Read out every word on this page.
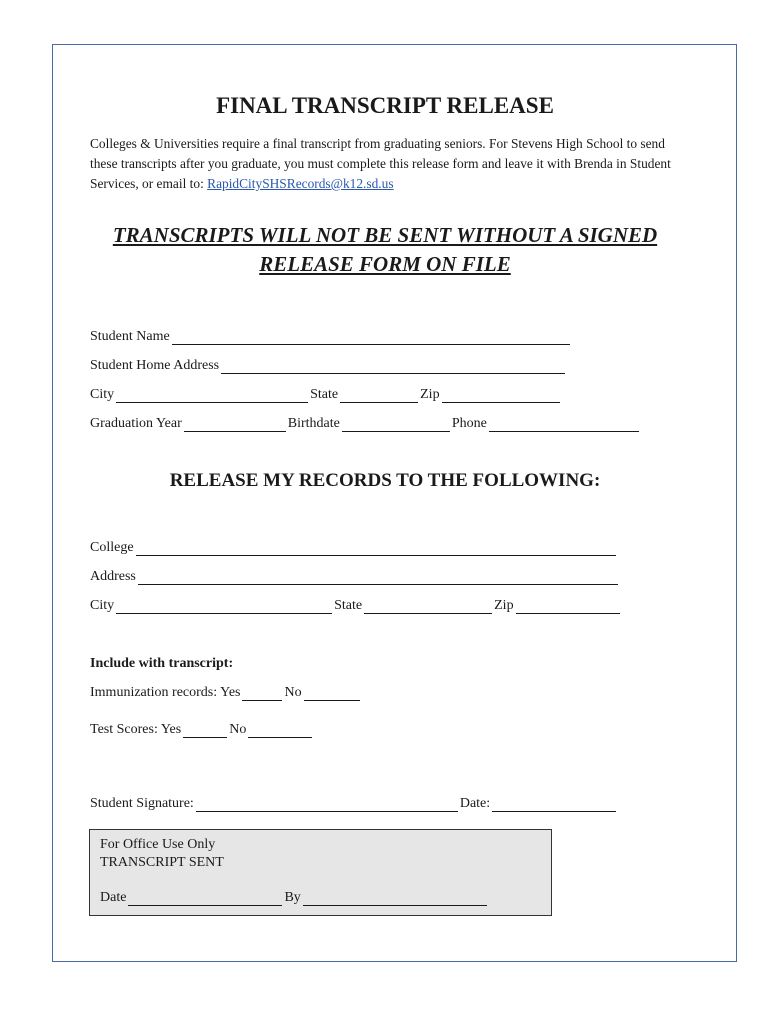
FINAL TRANSCRIPT RELEASE
Colleges & Universities require a final transcript from graduating seniors. For Stevens High School to send these transcripts after you graduate, you must complete this release form and leave it with Brenda in Student Services, or email to: RapidCitySHSRecords@k12.sd.us
TRANSCRIPTS WILL NOT BE SENT WITHOUT A SIGNED RELEASE FORM ON FILE
Student Name
Student Home Address
City	State	Zip
Graduation Year	Birthdate	Phone
RELEASE MY RECORDS TO THE FOLLOWING:
College
Address
City	State	Zip
Include with transcript:
Immunization records: Yes	No
Test Scores: Yes	No
Student Signature:	Date:
For Office Use Only
TRANSCRIPT SENT
Date	By
